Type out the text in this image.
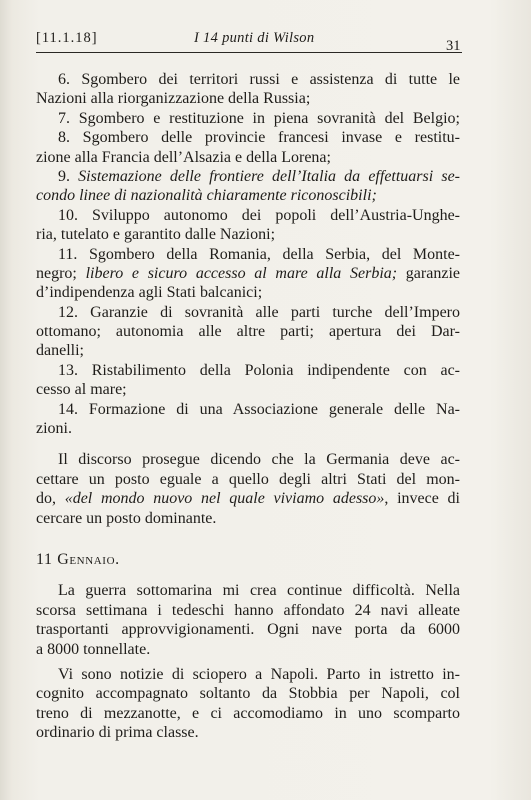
[11.1.18]	I 14 punti di Wilson	31
6. Sgombero dei territori russi e assistenza di tutte le
Nazioni alla riorganizzazione della Russia;
7. Sgombero e restituzione in piena sovranità del Belgio;
8. Sgombero delle provincie francesi invase e restitu-
zione alla Francia dell’Alsazia e della Lorena;
9. Sistemazione delle frontiere dell’Italia da effettuarsi se-
condo linee di nazionalità chiaramente riconoscibili;
10. Sviluppo autonomo dei popoli dell’Austria-Unghe-
ria, tutelato e garantito dalle Nazioni;
11. Sgombero della Romania, della Serbia, del Monte-
negro; libero e sicuro accesso al mare alla Serbia; garanzie
d’indipendenza agli Stati balcanici;
12. Garanzie di sovranità alle parti turche dell’Impero
ottomano; autonomia alle altre parti; apertura dei Dar-
danelli;
13. Ristabilimento della Polonia indipendente con ac-
cesso al mare;
14. Formazione di una Associazione generale delle Na-
zioni.
Il discorso prosegue dicendo che la Germania deve ac-
cettare un posto eguale a quello degli altri Stati del mon-
do, «del mondo nuovo nel quale viviamo adesso», invece di
cercare un posto dominante.
11 Gennaio.
La guerra sottomarina mi crea continue difficoltà. Nella
scorsa settimana i tedeschi hanno affondato 24 navi alleate
trasportanti approvvigionamenti. Ogni nave porta da 6000
a 8000 tonnellate.
Vi sono notizie di sciopero a Napoli. Parto in istretto in-
cognito accompagnato soltanto da Stobbia per Napoli, col
treno di mezzanotte, e ci accomodiamo in uno scomparto
ordinario di prima classe.
